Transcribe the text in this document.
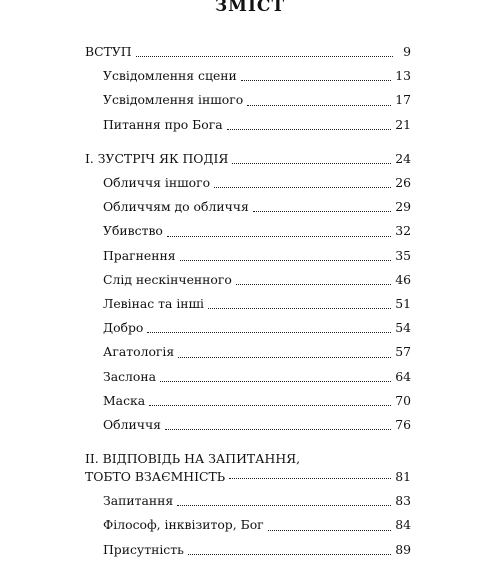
ЗМІСТ
ВСТУП	9
Усвідомлення сцени	13
Усвідомлення іншого	17
Питання про Бога	21
I. ЗУСТРІЧ ЯК ПОДІЯ	24
Обличчя іншого	26
Обличчям до обличчя	29
Убивство	32
Прагнення	35
Слід нескінченного	46
Левінас та інші	51
Добро	54
Агатологія	57
Заслона	64
Маска	70
Обличчя	76
II. ВІДПОВІДЬ НА ЗАПИТАННЯ,
ТОБТО ВЗАЄМНІСТЬ	81
Запитання	83
Філософ, інквізитор, Бог	84
Присутність	89
